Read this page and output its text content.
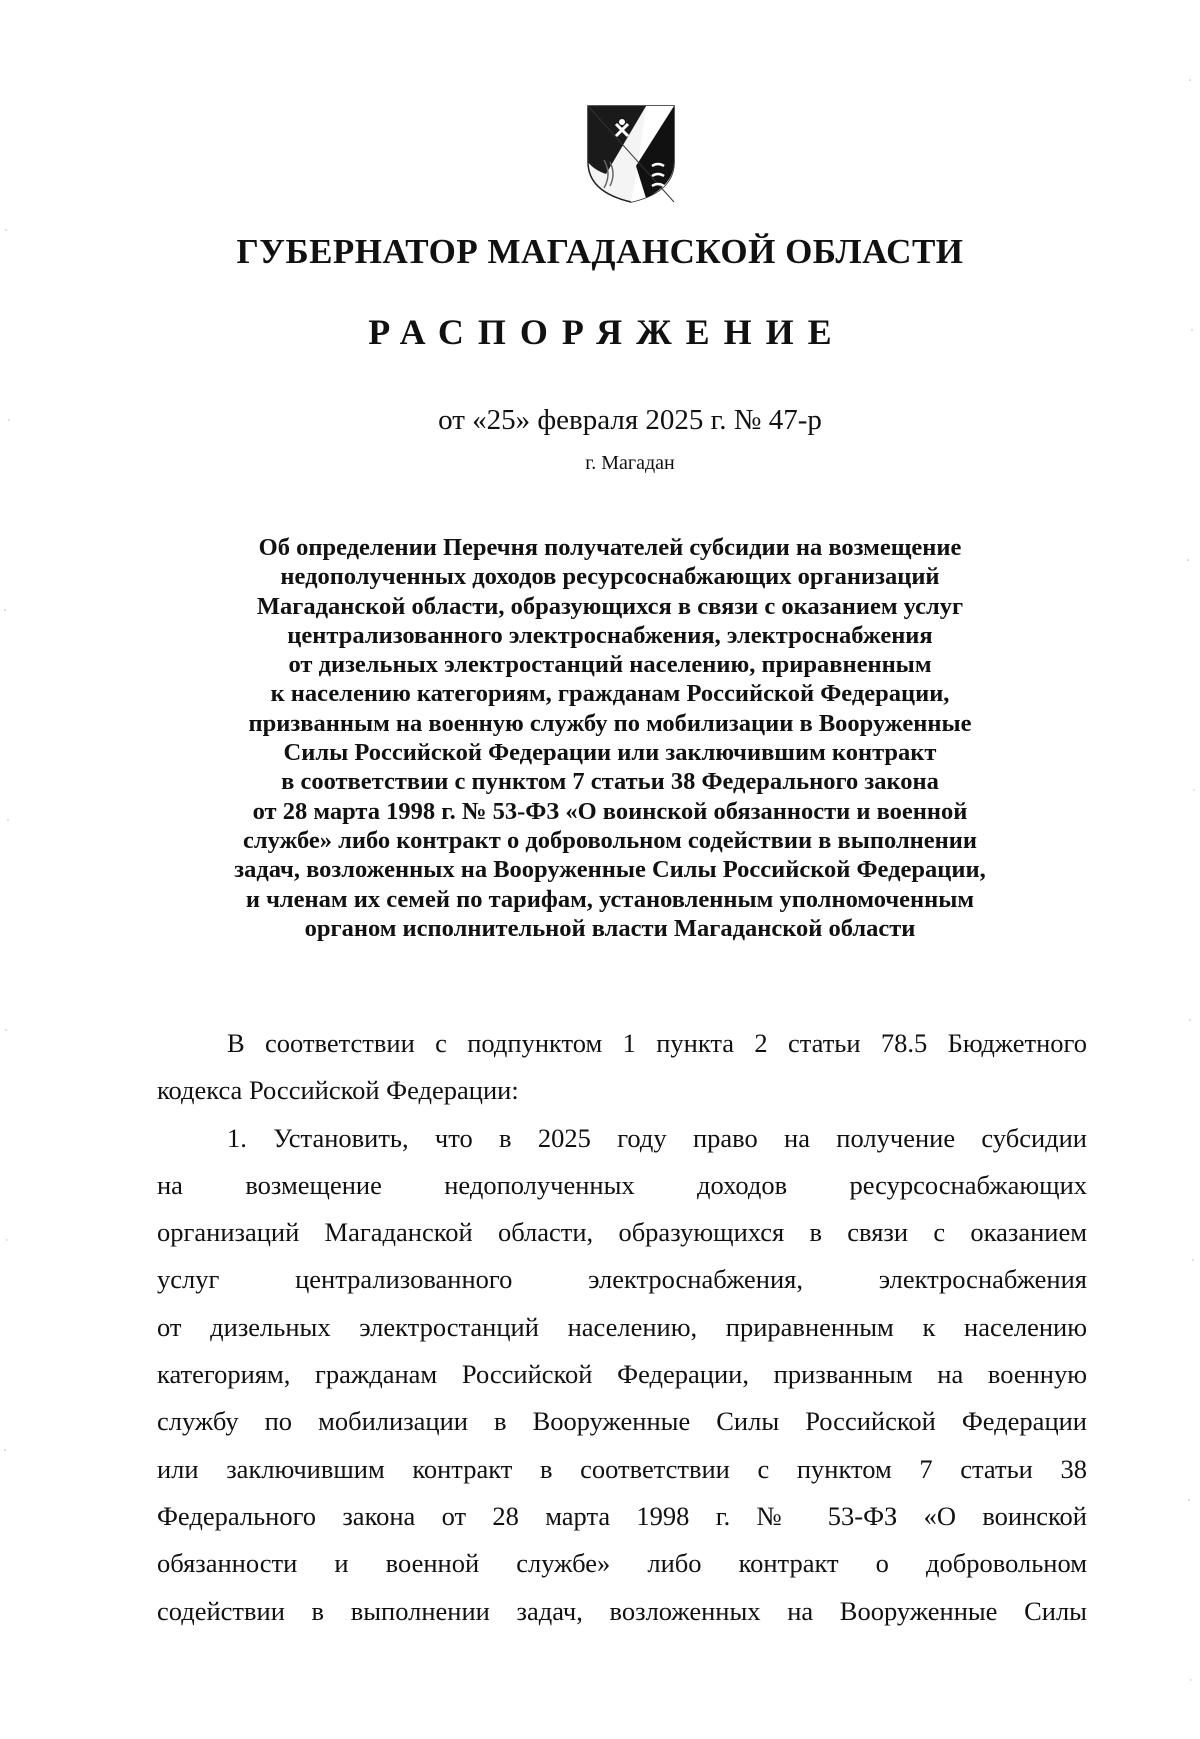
ГУБЕРНАТОР МАГАДАНСКОЙ ОБЛАСТИ
РАСПОРЯЖЕНИЕ
от «25» февраля 2025 г. № 47-р
г. Магадан
Об определении Перечня получателей субсидии на возмещение
недополученных доходов ресурсоснабжающих организаций
Магаданской области, образующихся в связи с оказанием услуг
централизованного электроснабжения, электроснабжения
от дизельных электростанций населению, приравненным
к населению категориям, гражданам Российской Федерации,
призванным на военную службу по мобилизации в Вооруженные
Силы Российской Федерации или заключившим контракт
в соответствии с пунктом 7 статьи 38 Федерального закона
от 28 марта 1998 г. № 53-ФЗ «О воинской обязанности и военной
службе» либо контракт о добровольном содействии в выполнении
задач, возложенных на Вооруженные Силы Российской Федерации,
и членам их семей по тарифам, установленным уполномоченным
органом исполнительной власти Магаданской области
В соответствии с подпунктом 1 пункта 2 статьи 78.5 Бюджетного
кодекса Российской Федерации:
1. Установить, что в 2025 году право на получение субсидии
на возмещение недополученных доходов ресурсоснабжающих
организаций Магаданской области, образующихся в связи с оказанием
услуг централизованного электроснабжения, электроснабжения
от дизельных электростанций населению, приравненным к населению
категориям, гражданам Российской Федерации, призванным на военную
службу по мобилизации в Вооруженные Силы Российской Федерации
или заключившим контракт в соответствии с пунктом 7 статьи 38
Федерального закона от 28 марта 1998 г. № 53-ФЗ «О воинской
обязанности и военной службе» либо контракт о добровольном
содействии в выполнении задач, возложенных на Вооруженные Силы
